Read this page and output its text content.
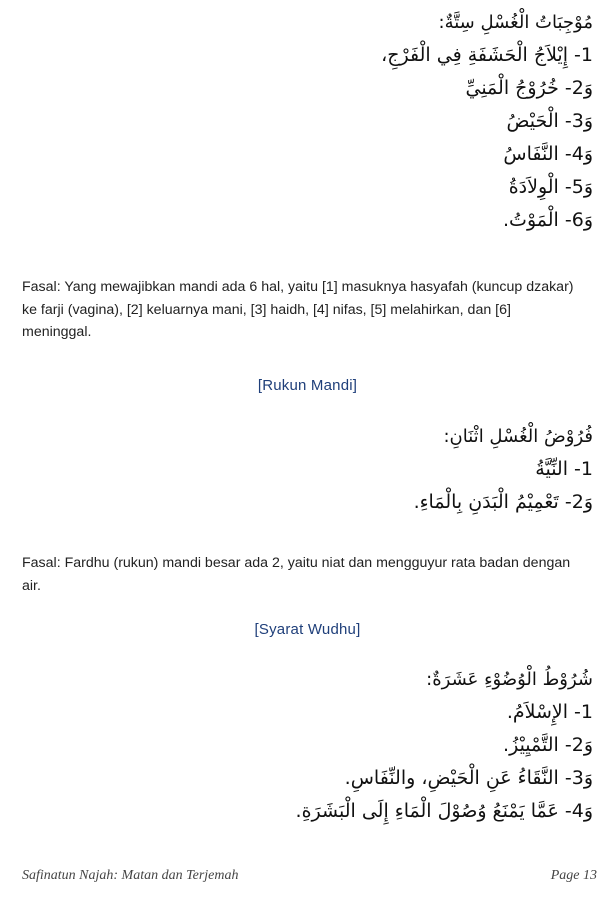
مُوْجِبَاتُ الْغُسْلِ سِتَّةٌ:
1- إِيْلاَجُ الْحَشَفَةِ فِي الْفَرْجِ،
وَ2- خُرُوْجُ الْمَنِيِّ
وَ3- الْحَيْضُ
وَ4- النَّفَاسُ
وَ5- الْوِلاَدَةُ
وَ6- الْمَوْتُ.

Fasal: Yang mewajibkan mandi ada 6 hal, yaitu [1] masuknya hasyafah (kuncup dzakar) ke farji (vagina), [2] keluarnya mani, [3] haidh, [4] nifas, [5] melahirkan, dan [6] meninggal.

[Rukun Mandi]
فُرُوْضُ الْغُسْلِ اثْنَانِ:
1- النِّيَّةُ
وَ2- تَعْمِيْمُ الْبَدَنِ بِالْمَاءِ.

Fasal: Fardhu (rukun) mandi besar ada 2, yaitu niat dan mengguyur rata badan dengan air.

[Syarat Wudhu]
شُرُوْطُ الْوُضُوْءِ عَشَرَةٌ:
1- الإِسْلاَمُ.
وَ2- التَّمْيِيْزُ.
وَ3- النَّقَاءُ عَنِ الْحَيْضِ، والنِّفَاسِ.
وَ4- عَمَّا يَمْنَعُ وُصُوْلَ الْمَاءِ إِلَى الْبَشَرَةِ.
Safinatun Najah: Matan dan Terjemah	Page 13
